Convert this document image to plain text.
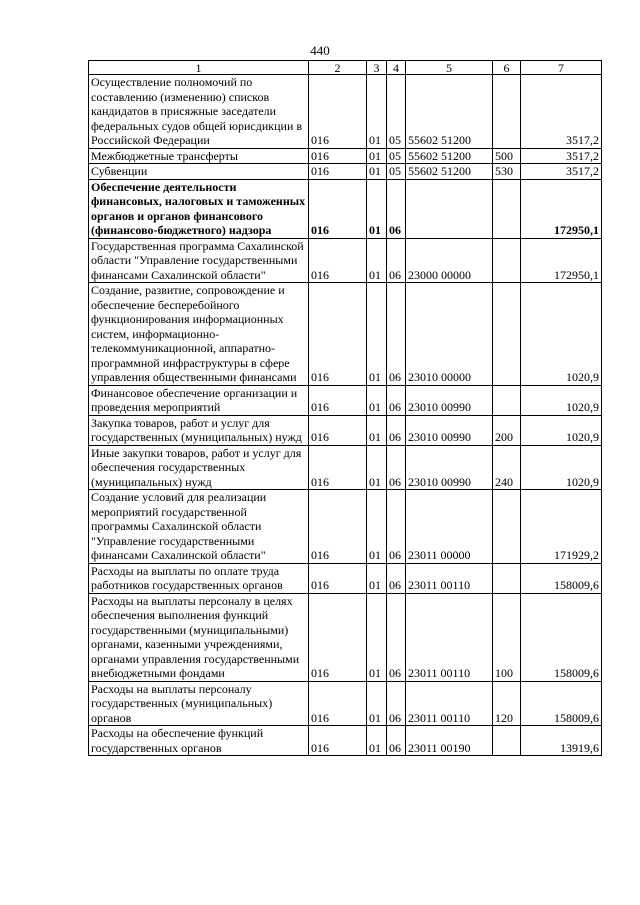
440
1	2	3	4	5	6	7
Осуществление полномочий по составлению (изменению) списков кандидатов в присяжные заседатели федеральных судов общей юрисдикции в Российской Федерации	016	01	05	55602 51200		3517,2
Межбюджетные трансферты	016	01	05	55602 51200	500	3517,2
Субвенции	016	01	05	55602 51200	530	3517,2
Обеспечение деятельности финансовых, налоговых и таможенных органов и органов финансового (финансово-бюджетного) надзора	016	01	06			172950,1
Государственная программа Сахалинской области "Управление государственными финансами Сахалинской области"	016	01	06	23000 00000		172950,1
Создание, развитие, сопровождение и обеспечение бесперебойного функционирования информационных систем, информационно-телекоммуникационной, аппаратно-программной инфраструктуры в сфере управления общественными финансами	016	01	06	23010 00000		1020,9
Финансовое обеспечение организации и проведения мероприятий	016	01	06	23010 00990		1020,9
Закупка товаров, работ и услуг для государственных (муниципальных) нужд	016	01	06	23010 00990	200	1020,9
Иные закупки товаров, работ и услуг для обеспечения государственных (муниципальных) нужд	016	01	06	23010 00990	240	1020,9
Создание условий для реализации мероприятий государственной программы Сахалинской области "Управление государственными финансами Сахалинской области"	016	01	06	23011 00000		171929,2
Расходы на выплаты по оплате труда работников государственных органов	016	01	06	23011 00110		158009,6
Расходы на выплаты персоналу в целях обеспечения выполнения функций государственными (муниципальными) органами, казенными учреждениями, органами управления государственными внебюджетными фондами	016	01	06	23011 00110	100	158009,6
Расходы на выплаты персоналу государственных (муниципальных) органов	016	01	06	23011 00110	120	158009,6
Расходы на обеспечение функций государственных органов	016	01	06	23011 00190		13919,6
